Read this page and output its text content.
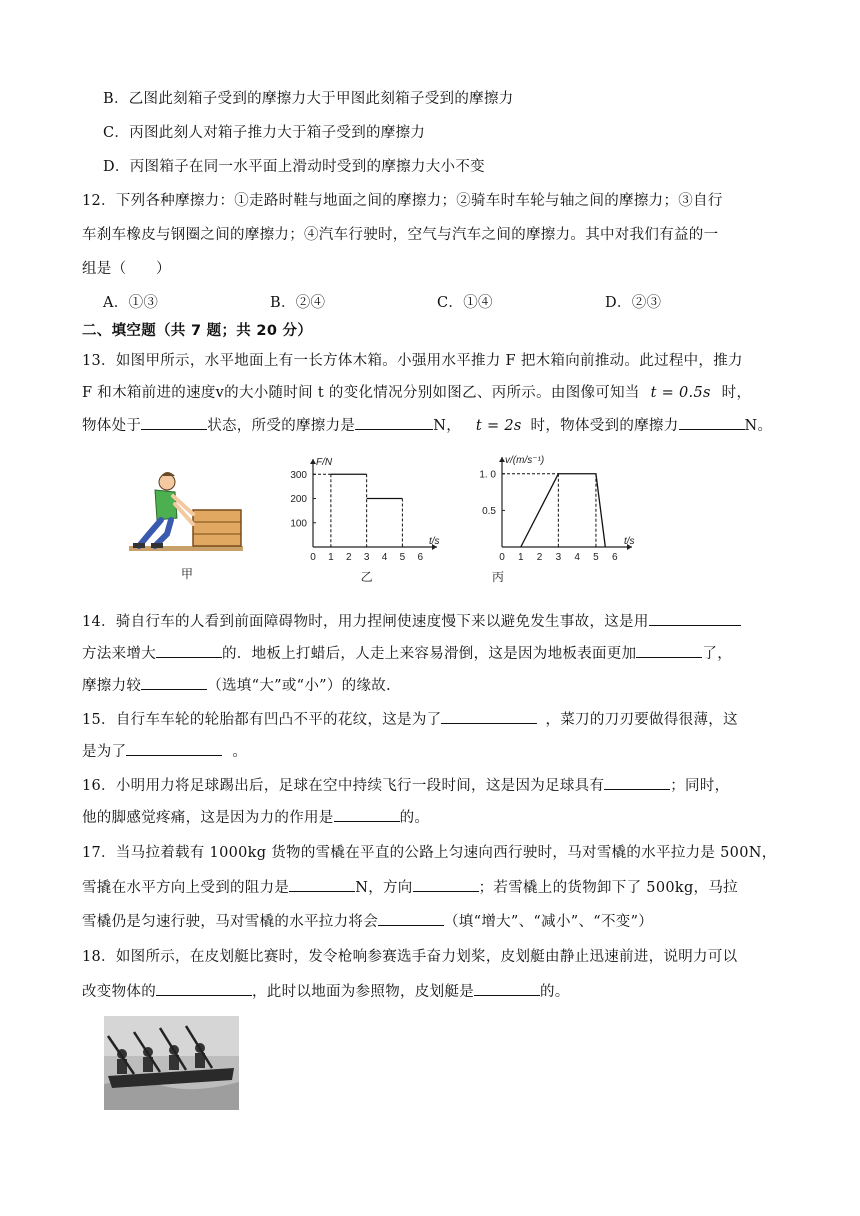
B．乙图此刻箱子受到的摩擦力大于甲图此刻箱子受到的摩擦力
C．丙图此刻人对箱子推力大于箱子受到的摩擦力
D．丙图箱子在同一水平面上滑动时受到的摩擦力大小不变
12．下列各种摩擦力：①走路时鞋与地面之间的摩擦力；②骑车时车轮与轴之间的摩擦力；③自行
车刹车橡皮与钢圈之间的摩擦力；④汽车行驶时，空气与汽车之间的摩擦力。其中对我们有益的一
组是（　　）
A．①③	B．②④	C．①④	D．②③
二、填空题（共 7 题；共 20 分）
13．如图甲所示，水平地面上有一长方体木箱。小强用水平推力 F 把木箱向前推动。此过程中，推力
F 和木箱前进的速度v的大小随时间 t 的变化情况分别如图乙、丙所示。由图像可知当 t = 0.5s 时，
物体处于	状态，所受的摩擦力是	N， t = 2s 时，物体受到的摩擦力	N。
甲
F/N
t/s
0 1 2 3 4 5 6
100
200
300
乙
v/(m/s⁻¹)
t/s
0 1 2 3 4 5 6
0.5
1. 0
丙
14．骑自行车的人看到前面障碍物时，用力捏闸使速度慢下来以避免发生事故，这是用
方法来增大	的．地板上打蜡后，人走上来容易滑倒，这是因为地板表面更加	了，
摩擦力较	（选填“大”或“小”）的缘故.
15．自行车车轮的轮胎都有凹凸不平的花纹，这是为了	，菜刀的刀刃要做得很薄，这
是为了	。
16．小明用力将足球踢出后，足球在空中持续飞行一段时间，这是因为足球具有	；同时，
他的脚感觉疼痛，这是因为力的作用是	的。
17．当马拉着载有 1000kg 货物的雪橇在平直的公路上匀速向西行驶时，马对雪橇的水平拉力是 500N，
雪撬在水平方向上受到的阻力是	N，方向	；若雪橇上的货物卸下了 500kg，马拉
雪橇仍是匀速行驶，马对雪橇的水平拉力将会	（填“增大”、“减小”、“不变”）
18．如图所示，在皮划艇比赛时，发令枪响参赛选手奋力划桨，皮划艇由静止迅速前进，说明力可以
改变物体的	，此时以地面为参照物，皮划艇是	的。
